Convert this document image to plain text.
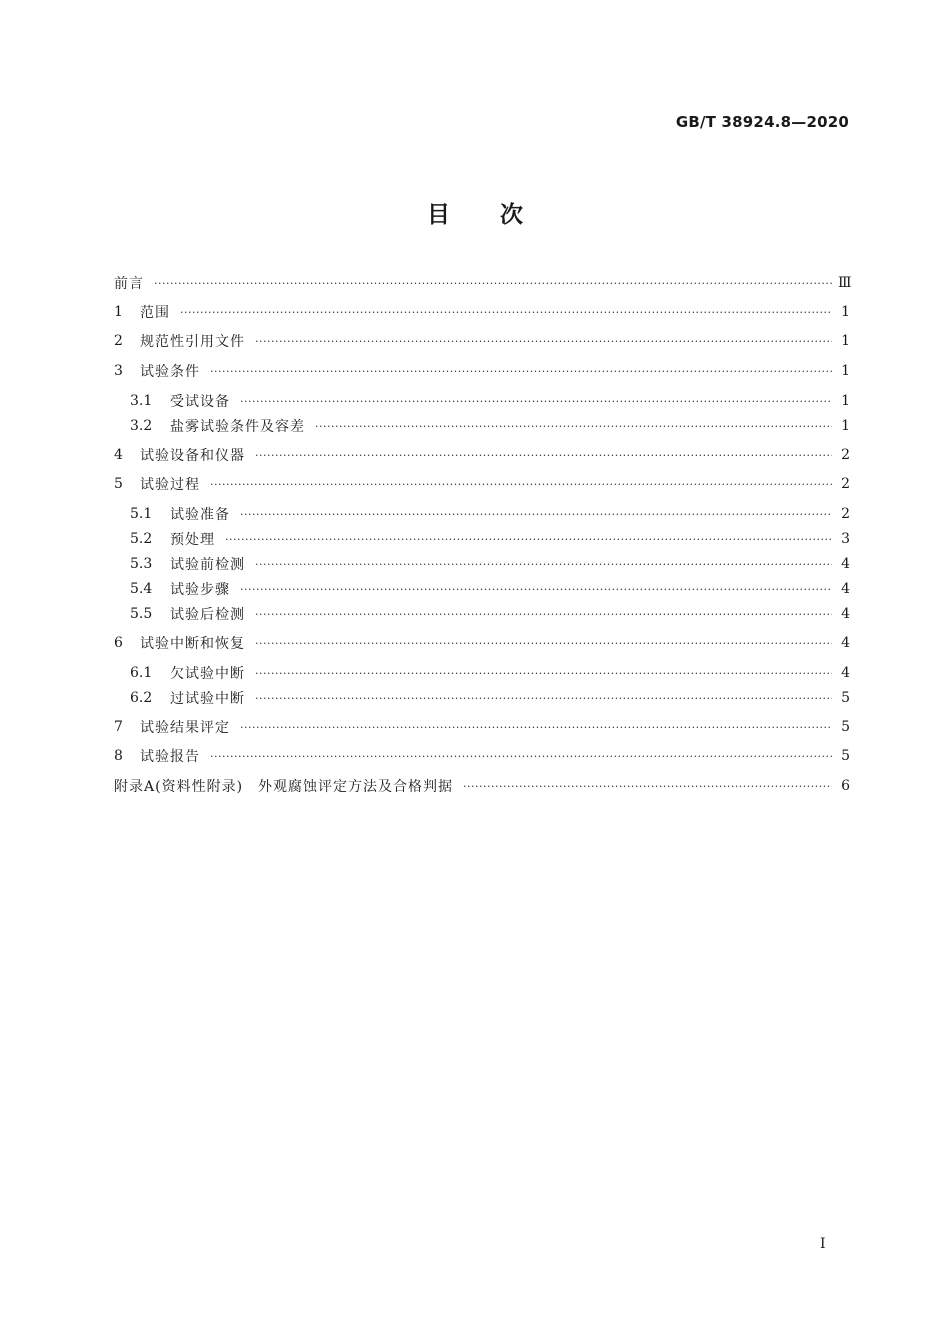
GB/T 38924.8—2020
目 次
前言 ·····	Ⅲ
1	范围 ·····	1
2	规范性引用文件 ·····	1
3	试验条件 ·····	1
3.1	受试设备 ·····	1
3.2	盐雾试验条件及容差 ·····	1
4	试验设备和仪器 ·····	2
5	试验过程 ·····	2
5.1	试验准备 ·····	2
5.2	预处理 ·····	3
5.3	试验前检测 ·····	4
5.4	试验步骤 ·····	4
5.5	试验后检测 ·····	4
6	试验中断和恢复 ·····	4
6.1	欠试验中断 ·····	4
6.2	过试验中断 ·····	5
7	试验结果评定 ·····	5
8	试验报告 ·····	5
附录A(资料性附录)　外观腐蚀评定方法及合格判据 ·····	6
Ⅰ
